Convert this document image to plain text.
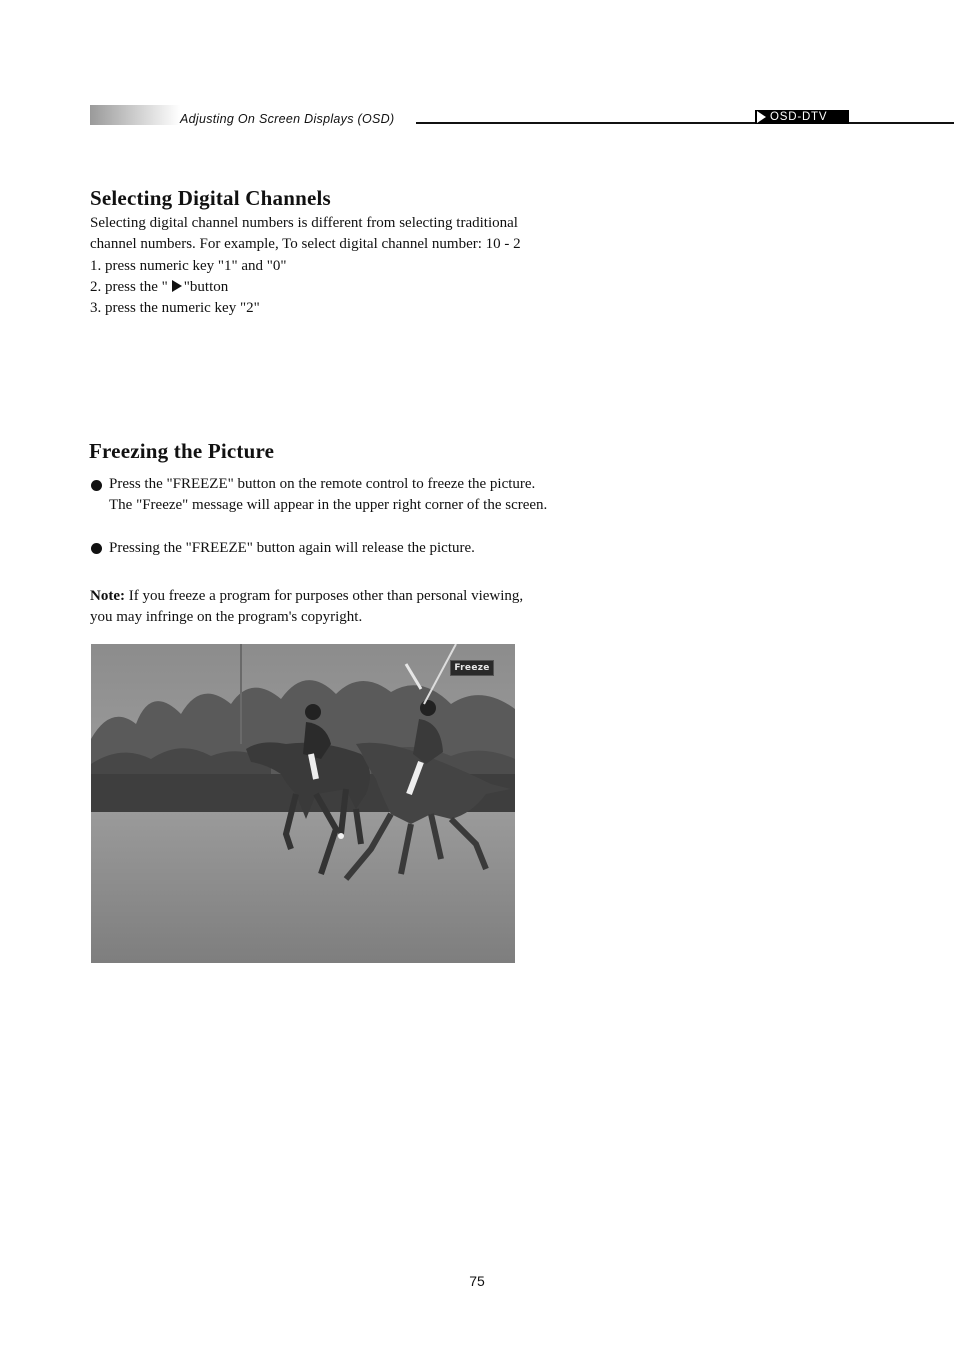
Adjusting On Screen Displays (OSD)	OSD-DTV
Selecting Digital Channels

Selecting digital channel numbers is different from selecting traditional

channel numbers. For example, To select digital channel number: 10 - 2

1. press numeric key "1" and "0"

2. press the " "button

3. press the numeric key "2"

Freezing the Picture

Press the "FREEZE" button on the remote control to freeze the picture.

The "Freeze" message will appear in the upper right corner of the screen.

Pressing the "FREEZE" button again will release the picture.

Note: If you freeze a program for purposes other than personal viewing,

you may infringe on the program's copyright.

Freeze
75
